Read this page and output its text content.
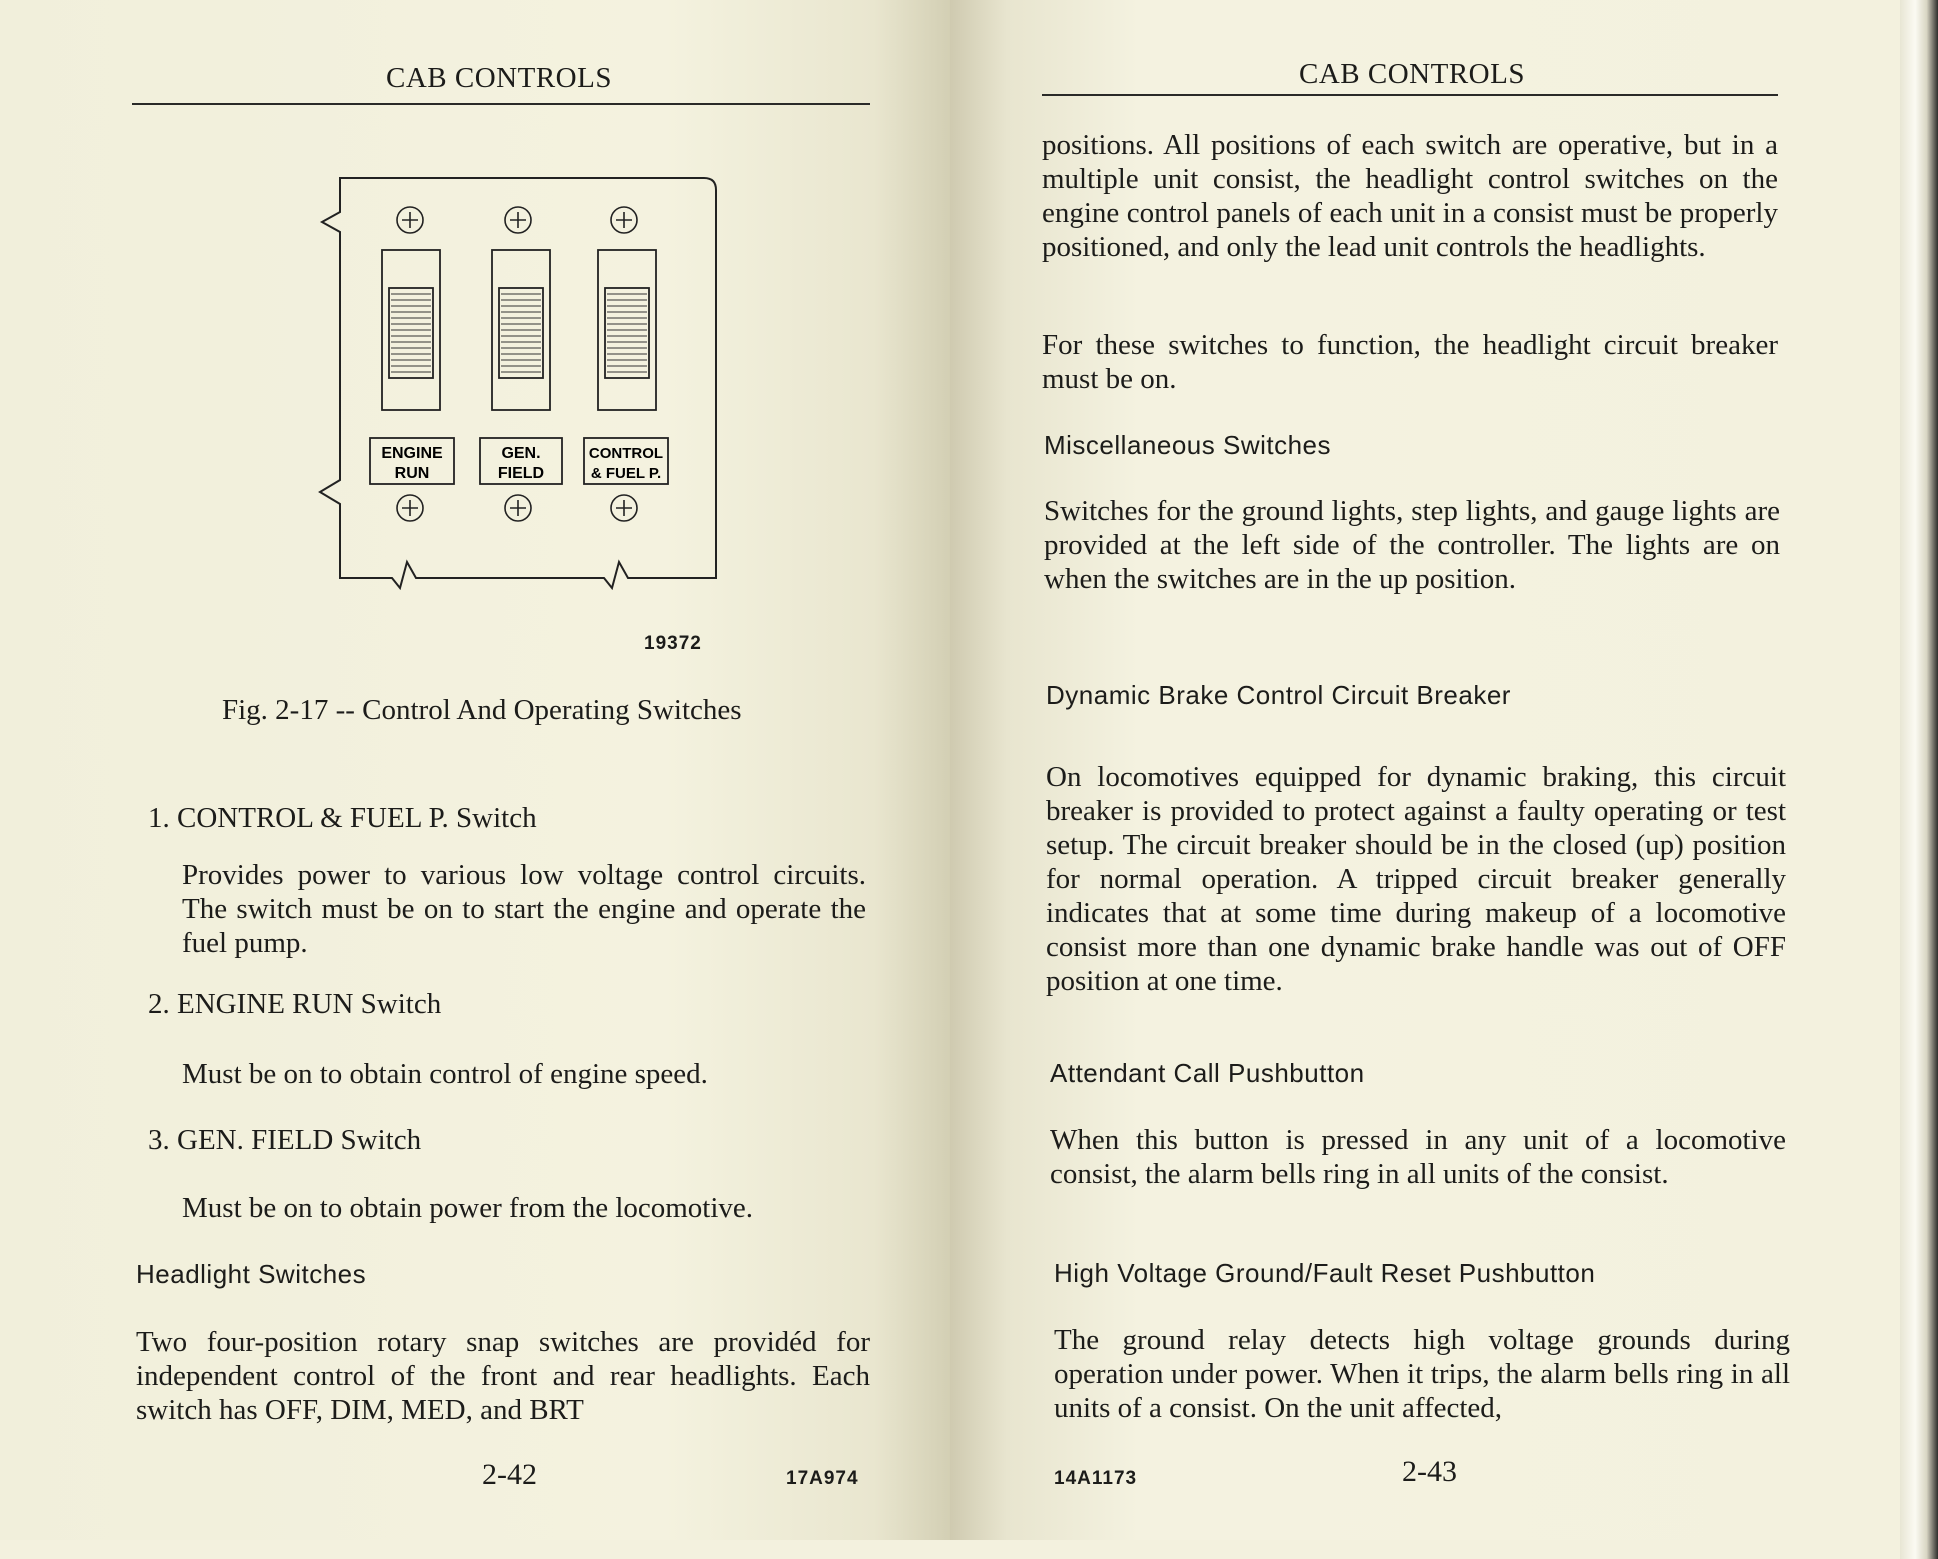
CAB CONTROLS
ENGINE
RUN
GEN.
FIELD
CONTROL
& FUEL P.
19372
Fig. 2-17 -- Control And Operating Switches
1. CONTROL & FUEL P. Switch
Provides power to various low voltage control circuits. The switch must be on to start the engine and operate the fuel pump.
2. ENGINE RUN Switch
Must be on to obtain control of engine speed.
3. GEN. FIELD Switch
Must be on to obtain power from the locomotive.
Headlight Switches
Two four-position rotary snap switches are providéd for independent control of the front and rear headlights. Each switch has OFF, DIM, MED, and BRT
2-42	17A974
CAB CONTROLS
positions. All positions of each switch are operative, but in a multiple unit consist, the headlight control switches on the engine control panels of each unit in a consist must be properly positioned, and only the lead unit controls the headlights.
For these switches to function, the headlight circuit breaker must be on.
Miscellaneous Switches
Switches for the ground lights, step lights, and gauge lights are provided at the left side of the controller. The lights are on when the switches are in the up position.
Dynamic Brake Control Circuit Breaker
On locomotives equipped for dynamic braking, this circuit breaker is provided to protect against a faulty operating or test setup. The circuit breaker should be in the closed (up) position for normal operation. A tripped circuit breaker generally indicates that at some time during makeup of a locomotive consist more than one dynamic brake handle was out of OFF position at one time.
Attendant Call Pushbutton
When this button is pressed in any unit of a locomotive consist, the alarm bells ring in all units of the consist.
High Voltage Ground/Fault Reset Pushbutton
The ground relay detects high voltage grounds during operation under power. When it trips, the alarm bells ring in all units of a consist. On the unit affected,
14A1173	2-43
